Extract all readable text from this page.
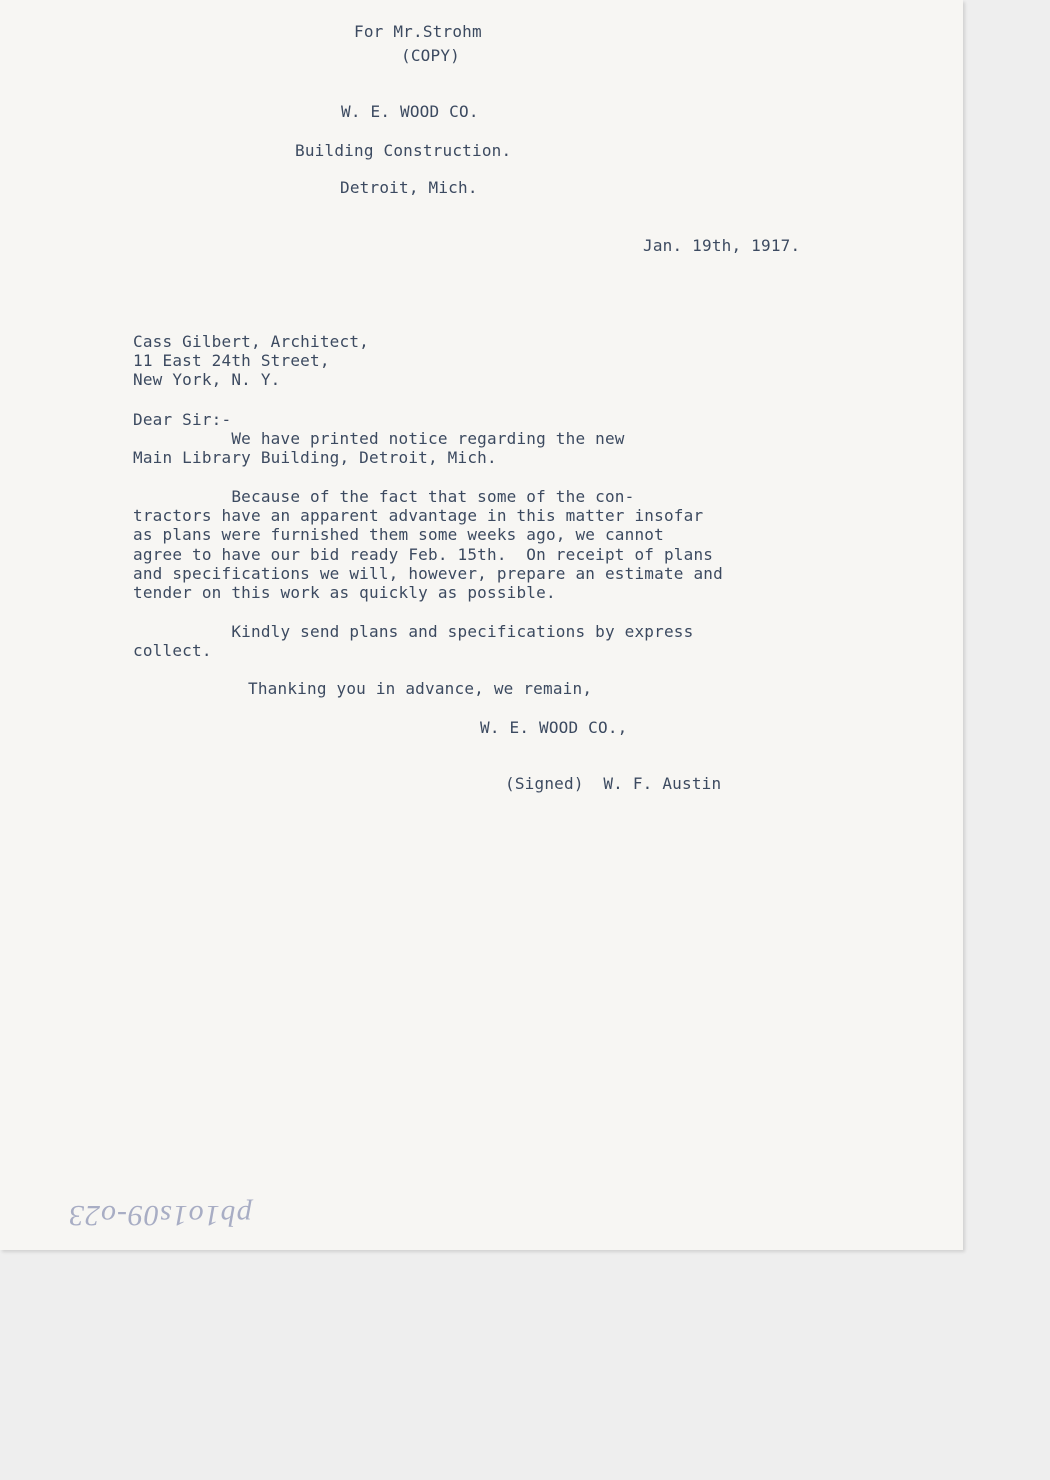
For Mr.Strohm
(COPY)
W. E. WOOD CO.
Building Construction.
Detroit, Mich.
Jan. 19th, 1917.
Cass Gilbert, Architect,
11 East 24th Street,
New York, N. Y.
Dear Sir:-
We have printed notice regarding the new
Main Library Building, Detroit, Mich.
Because of the fact that some of the con-
tractors have an apparent advantage in this matter insofar
as plans were furnished them some weeks ago, we cannot
agree to have our bid ready Feb. 15th.  On receipt of plans
and specifications we will, however, prepare an estimate and
tender on this work as quickly as possible.
Kindly send plans and specifications by express
collect.
Thanking you in advance, we remain,
W. E. WOOD CO.,
(Signed)  W. F. Austin
pb1o1s09-o23
